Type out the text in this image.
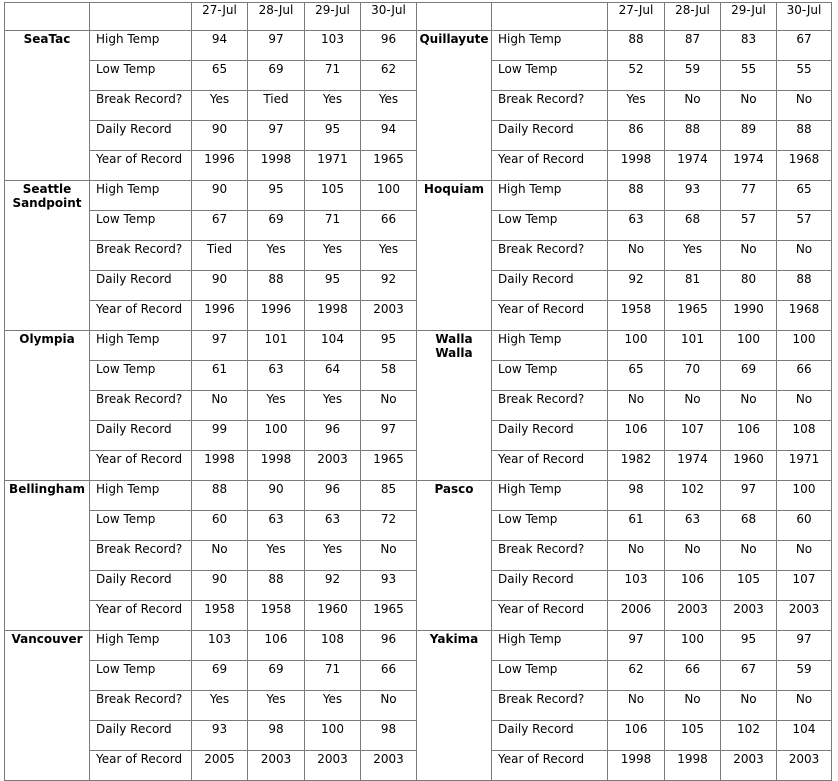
		27-Jul	28-Jul	29-Jul	30-Jul			27-Jul	28-Jul	29-Jul	30-Jul
SeaTac	High Temp	94	97	103	96	Quillayute	High Temp	88	87	83	67
	Low Temp	65	69	71	62		Low Temp	52	59	55	55
	Break Record?	Yes	Tied	Yes	Yes		Break Record?	Yes	No	No	No
	Daily Record	90	97	95	94		Daily Record	86	88	89	88
	Year of Record	1996	1998	1971	1965		Year of Record	1998	1974	1974	1968
Seattle Sandpoint	High Temp	90	95	105	100	Hoquiam	High Temp	88	93	77	65
	Low Temp	67	69	71	66		Low Temp	63	68	57	57
	Break Record?	Tied	Yes	Yes	Yes		Break Record?	No	Yes	No	No
	Daily Record	90	88	95	92		Daily Record	92	81	80	88
	Year of Record	1996	1996	1998	2003		Year of Record	1958	1965	1990	1968
Olympia	High Temp	97	101	104	95	Walla Walla	High Temp	100	101	100	100
	Low Temp	61	63	64	58		Low Temp	65	70	69	66
	Break Record?	No	Yes	Yes	No		Break Record?	No	No	No	No
	Daily Record	99	100	96	97		Daily Record	106	107	106	108
	Year of Record	1998	1998	2003	1965		Year of Record	1982	1974	1960	1971
Bellingham	High Temp	88	90	96	85	Pasco	High Temp	98	102	97	100
	Low Temp	60	63	63	72		Low Temp	61	63	68	60
	Break Record?	No	Yes	Yes	No		Break Record?	No	No	No	No
	Daily Record	90	88	92	93		Daily Record	103	106	105	107
	Year of Record	1958	1958	1960	1965		Year of Record	2006	2003	2003	2003
Vancouver	High Temp	103	106	108	96	Yakima	High Temp	97	100	95	97
	Low Temp	69	69	71	66		Low Temp	62	66	67	59
	Break Record?	Yes	Yes	Yes	No		Break Record?	No	No	No	No
	Daily Record	93	98	100	98		Daily Record	106	105	102	104
	Year of Record	2005	2003	2003	2003		Year of Record	1998	1998	2003	2003
